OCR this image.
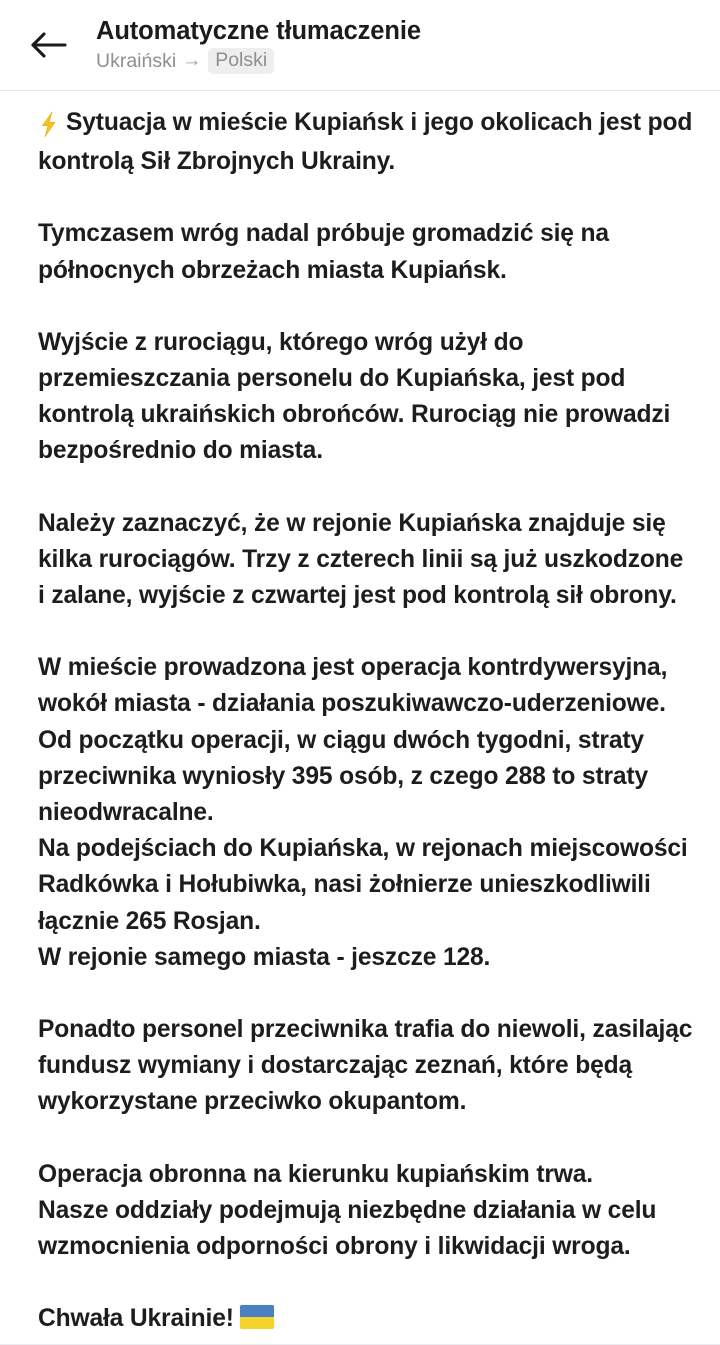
Automatyczne tłumaczenie
Ukraiński → Polski

Sytuacja w mieście Kupiańsk i jego okolicach jest pod kontrolą Sił Zbrojnych Ukrainy.

Tymczasem wróg nadal próbuje gromadzić się na północnych obrzeżach miasta Kupiańsk.

Wyjście z rurociągu, którego wróg użył do przemieszczania personelu do Kupiańska, jest pod kontrolą ukraińskich obrońców. Rurociąg nie prowadzi bezpośrednio do miasta.

Należy zaznaczyć, że w rejonie Kupiańska znajduje się kilka rurociągów. Trzy z czterech linii są już uszkodzone i zalane, wyjście z czwartej jest pod kontrolą sił obrony.

W mieście prowadzona jest operacja kontrdywersyjna, wokół miasta - działania poszukiwawczo-uderzeniowe.
Od początku operacji, w ciągu dwóch tygodni, straty przeciwnika wyniosły 395 osób, z czego 288 to straty nieodwracalne.
Na podejściach do Kupiańska, w rejonach miejscowości Radkówka i Hołubiwka, nasi żołnierze unieszkodliwili łącznie 265 Rosjan.
W rejonie samego miasta - jeszcze 128.

Ponadto personel przeciwnika trafia do niewoli, zasilając fundusz wymiany i dostarczając zeznań, które będą wykorzystane przeciwko okupantom.

Operacja obronna na kierunku kupiańskim trwa.
Nasze oddziały podejmują niezbędne działania w celu wzmocnienia odporności obrony i likwidacji wroga.

Chwała Ukrainie!
